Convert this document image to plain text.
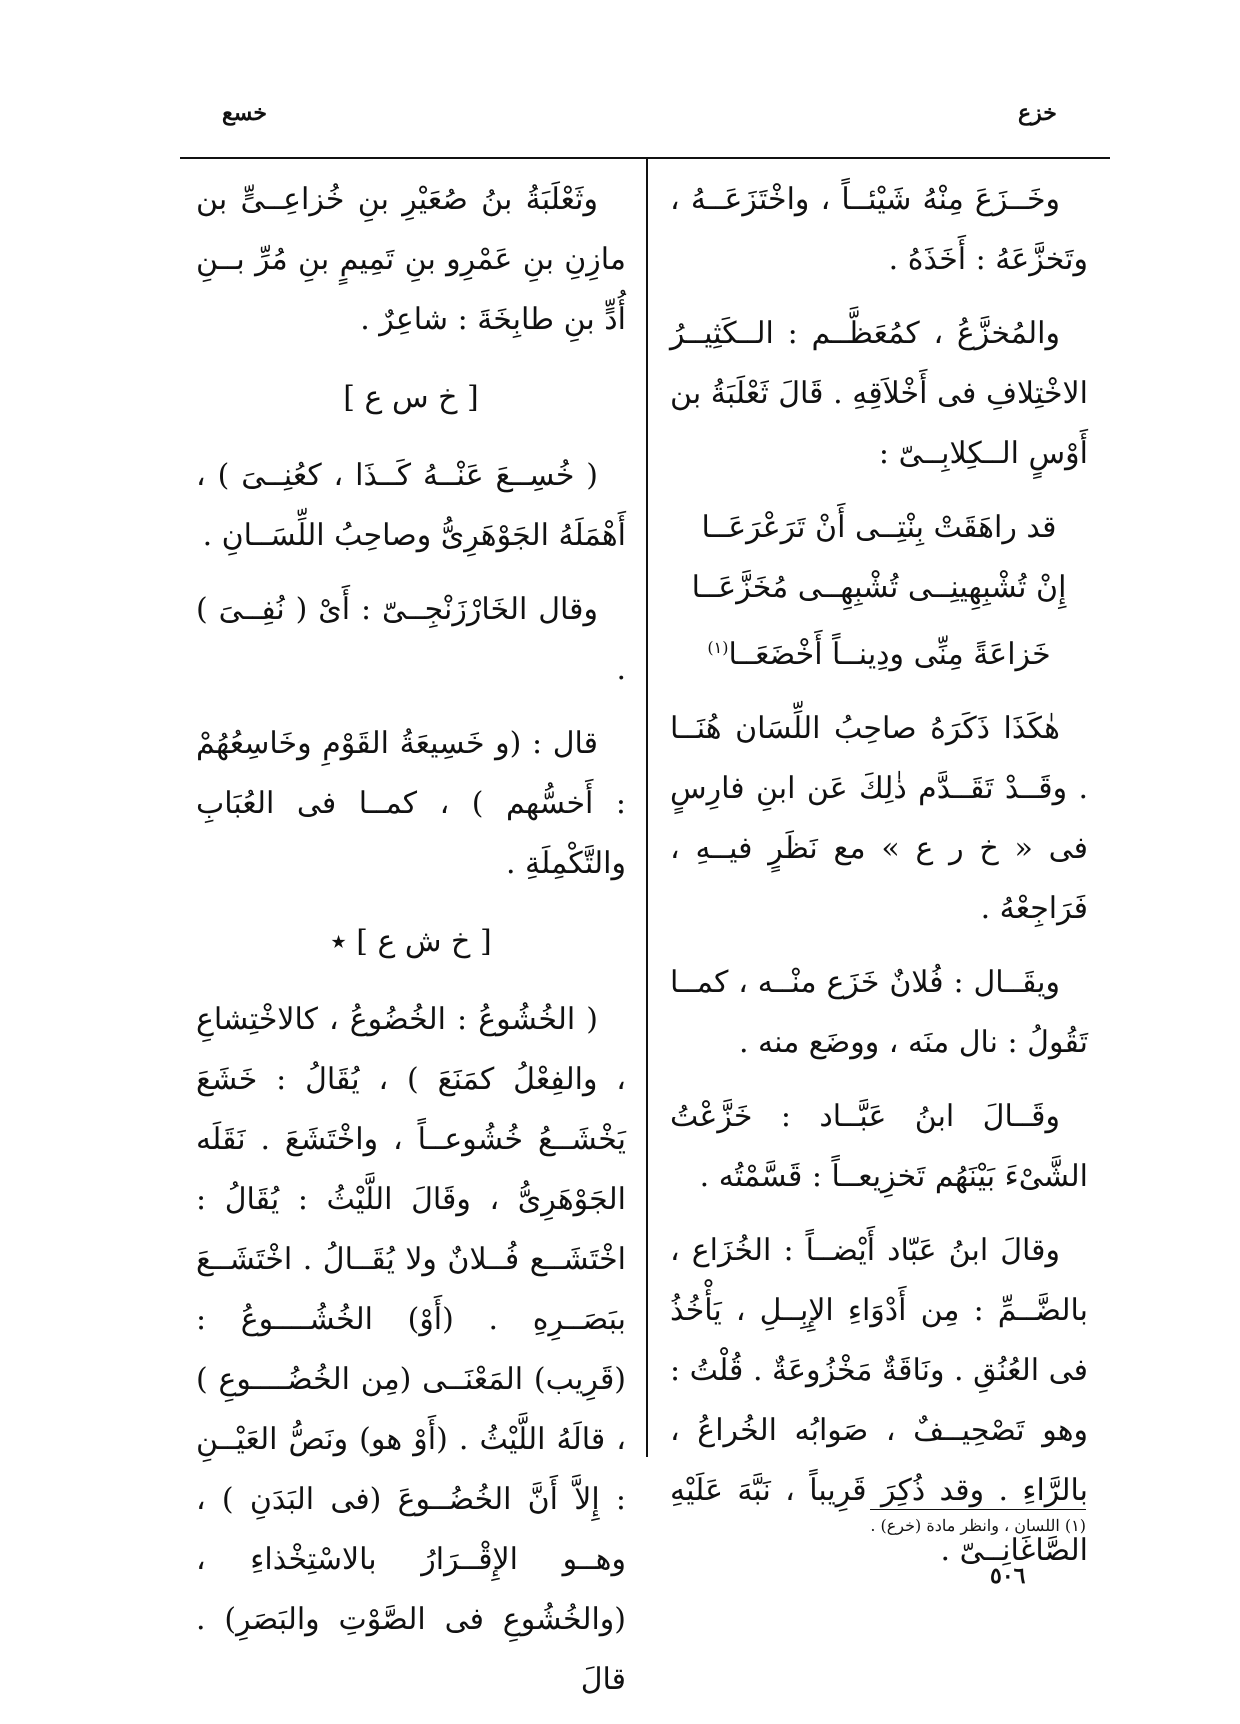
خسع	خزع

وخَــزَعَ مِنْهُ شَيْئــاً ، واخْتَزَعَــهُ ، وتَخزَّعَهُ : أَخَذَهُ .

والمُخزَّعُ ، كمُعَظَّــم : الــكَثِيــرُ الاخْتِلافِ فى أَخْلاَقِهِ . قَالَ ثَعْلَبَةُ بن أَوْسٍ الــكِلابِــىّ :

قد راهَقَتْ بِنْتِــى أَنْ تَرَعْرَعَــا

إِنْ تُشْبِهِينِــى تُشْبِهِــى مُخَزَّعَــا

خَزاعَةً مِنِّى ودِينــاً أَخْضَعَــا$^{(١)}$

هٰكَذَا ذَكَرَهُ صاحِبُ اللِّسَان هُنَــا . وقَــدْ تَقَــدَّم ذٰلِكَ عَن ابنِ فارِسٍ فى « خ ر ع » مع نَظَرٍ فيــهِ ، فَرَاجِعْهُ .

ويقَــال : فُلانٌ خَزَع منْــه ، كمــا تَقُولُ : نال منَه ، ووضَع منه .

وقَــالَ ابنُ عَبَّــاد : خَزَّعْتُ الشَّىْءَ بَيْنَهُم تَخزِيعــاً : قَسَّمْتُه .

وقالَ ابنُ عَبّاد أَيْضــاً : الخُزَاع ، بالضَّــمِّ : مِن أَدْوَاءِ الإِبِــلِ ، يَأْخُذُ فى العُنُقِ . ونَاقَةٌ مَخْزُوعَةٌ . قُلْتُ : وهو تَصْحِيــفٌ ، صَوابُه الخُراعُ ، بالرَّاءِ . وقد ذُكِرَ قَرِيباً ، نَبَّهَ عَلَيْهِ الصَّاغَانِــىّ .

وثَعْلَبَةُ بنُ صُعَيْرِ بنِ خُزاعِــىٍّ بن مازِنِ بنِ عَمْرِو بنِ تَمِيمٍ بنِ مُرِّ بــنِ أُدٍّ بنِ طابِخَةَ : شاعِرٌ .

[ خ س ع ]

( خُسِــعَ عَنْــهُ كَــذَا ، كعُنِــىَ ) ، أَهْمَلَهُ الجَوْهَرِىُّ وصاحِبُ اللِّسَــانِ .

وقال الخَارْزَنْجِــىّ : أَىْ ( نُفِــىَ ) .

قال : (و خَسِيعَةُ القَوْمِ وخَاسِعُهُمْ : أَخسُّهم ) ، كمــا فى العُبَابِ والتَّكْمِلَةِ .

[ خ ش ع ] ٭

( الخُشُوعُ : الخُضُوعُ ، كالاخْتِشاعِ ، والفِعْلُ كمَنَعَ ) ، يُقَالُ : خَشَعَ يَخْشَــعُ خُشُوعــاً ، واخْتَشَعَ . نَقَلَه الجَوْهَرِىُّ ، وقَالَ اللَّيْثُ : يُقَالُ : اخْتَشَــع فُــلانٌ ولا يُقَــالُ . اخْتَشَــعَ ببَصَــرِهِ . (أَوْ) الخُشُــــوعُ : (قَرِيب) المَعْنَــى (مِن الخُضُــــوعِ ) ، قالَهُ اللَّيْثُ . (أَوْ هو) ونَصُّ العَيْــنِ : إِلاَّ أَنَّ الخُضُــوعَ (فى البَدَنِ ) ، وهــو الإِقْــرَارُ بالاسْتِخْذاءِ ، (والخُشُوعِ فى الصَّوْتِ والبَصَرِ) . قالَ

(١) اللسان ، وانظر مادة (خرع) .
٥٠٦
